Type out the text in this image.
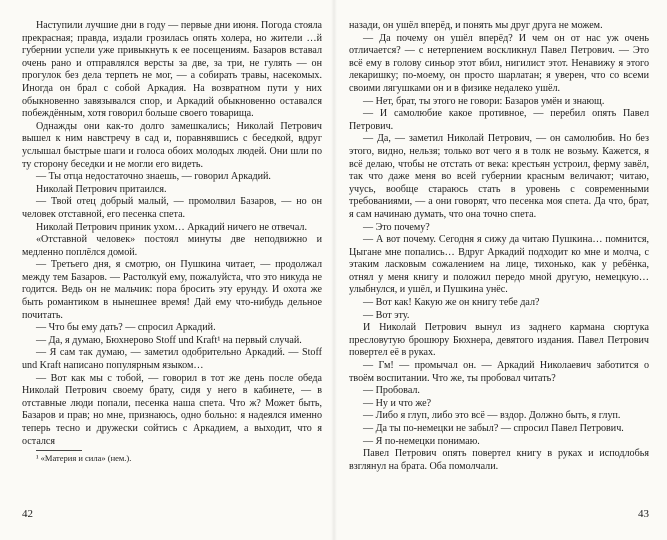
Наступили лучшие дни в году — первые дни июня. Погода стояла прекрасная; правда, издали грозилась опять холера, но жители …й губернии успели уже привыкнуть к ее посещениям. Базаров вставал очень рано и отправлялся версты за две, за три, не гулять — он прогулок без дела терпеть не мог, — а собирать травы, насекомых. Иногда он брал с собой Аркадия. На возвратном пути у них обыкновенно завязывался спор, и Аркадий обыкновенно оставался побеждённым, хотя говорил больше своего товарища.

Однажды они как-то долго замешкались; Николай Петрович вышел к ним навстречу в сад и, поравнявшись с беседкой, вдруг услышал быстрые шаги и голоса обоих молодых людей. Они шли по ту сторону беседки и не могли его видеть.

— Ты отца недостаточно знаешь, — говорил Аркадий.

Николай Петрович притаился.

— Твой отец добрый малый, — промолвил Базаров, — но он человек отставной, его песенка спета.

Николай Петрович приник ухом… Аркадий ничего не отвечал.

«Отставной человек» постоял минуты две неподвижно и медленно поплёлся домой.

— Третьего дня, я смотрю, он Пушкина читает, — продолжал между тем Базаров. — Растолкуй ему, пожалуйста, что это никуда не годится. Ведь он не мальчик: пора бросить эту ерунду. И охота же быть романтиком в нынешнее время! Дай ему что-нибудь дельное почитать.

— Что бы ему дать? — спросил Аркадий.

— Да, я думаю, Бюхнерово Stoff und Kraft¹ на первый случай.

— Я сам так думаю, — заметил одобрительно Аркадий. — Stoff und Kraft написано популярным языком…

— Вот как мы с тобой, — говорил в тот же день после обеда Николай Петрович своему брату, сидя у него в кабинете, — в отставные люди попали, песенка наша спета. Что ж? Может быть, Базаров и прав; но мне, признаюсь, одно больно: я надеялся именно теперь тесно и дружески сойтись с Аркадием, а выходит, что я остался

¹ «Материя и сила» (нем.).
42

назади, он ушёл вперёд, и понять мы друг друга не можем.

— Да почему он ушёл вперёд? И чем он от нас уж очень отличается? — с нетерпением воскликнул Павел Петрович. — Это всё ему в голову синьор этот вбил, нигилист этот. Ненавижу я этого лекаришку; по-моему, он просто шарлатан; я уверен, что со всеми своими лягушками он и в физике недалеко ушёл.

— Нет, брат, ты этого не говори: Базаров умён и знающ.

— И самолюбие какое противное, — перебил опять Павел Петрович.

— Да, — заметил Николай Петрович, — он самолюбив. Но без этого, видно, нельзя; только вот чего я в толк не возьму. Кажется, я всё делаю, чтобы не отстать от века: крестьян устроил, ферму завёл, так что даже меня во всей губернии красным величают; читаю, учусь, вообще стараюсь стать в уровень с современными требованиями, — а они говорят, что песенка моя спета. Да что, брат, я сам начинаю думать, что она точно спета.

— Это почему?

— А вот почему. Сегодня я сижу да читаю Пушкина… помнится, Цыгане мне попались… Вдруг Аркадий подходит ко мне и молча, с этаким ласковым сожалением на лице, тихонько, как у ребёнка, отнял у меня книгу и положил передо мной другую, немецкую… улыбнулся, и ушёл, и Пушкина унёс.

— Вот как! Какую же он книгу тебе дал?

— Вот эту.

И Николай Петрович вынул из заднего кармана сюртука пресловутую брошюру Бюхнера, девятого издания. Павел Петрович повертел её в руках.

— Гм! — промычал он. — Аркадий Николаевич заботится о твоём воспитании. Что же, ты пробовал читать?

— Пробовал.

— Ну и что же?

— Либо я глуп, либо это всё — вздор. Должно быть, я глуп.

— Да ты по-немецки не забыл? — спросил Павел Петрович.

— Я по-немецки понимаю.

Павел Петрович опять повертел книгу в руках и исподлобья взглянул на брата. Оба помолчали.

43
